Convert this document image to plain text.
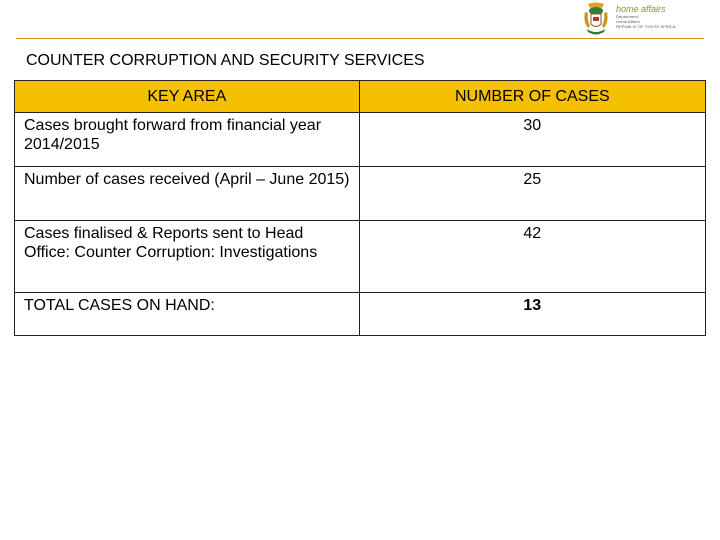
home affairs
Department:
Home Affairs
REPUBLIC OF SOUTH AFRICA
COUNTER CORRUPTION AND SECURITY SERVICES
KEY AREA	NUMBER OF CASES

Cases brought forward from financial year 2014/2015	30

Number of cases received (April – June 2015)	25

Cases finalised & Reports sent to Head Office: Counter Corruption: Investigations	42

TOTAL CASES ON HAND:	13
